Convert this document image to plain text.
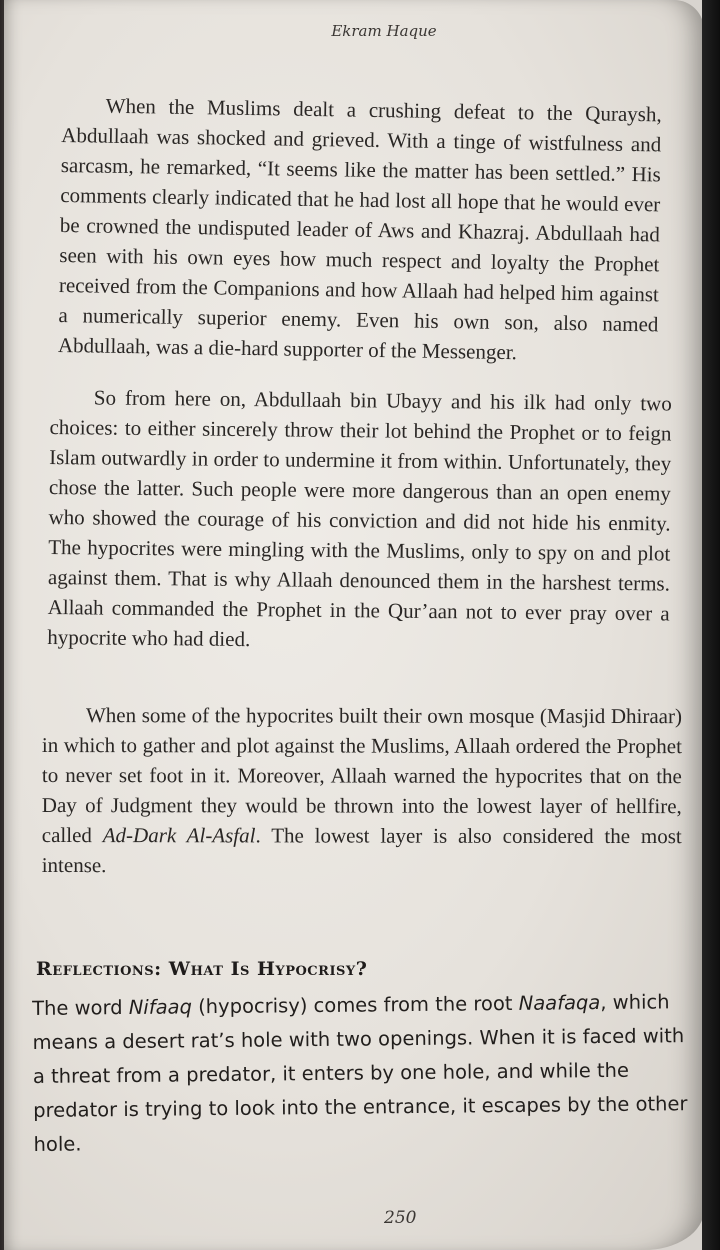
Ekram Haque

When the Muslims dealt a crushing defeat to the Quraysh, Abdullaah was shocked and grieved. With a tinge of wistfulness and sarcasm, he remarked, “It seems like the matter has been settled.” His comments clearly indicated that he had lost all hope that he would ever be crowned the undisputed leader of Aws and Khazraj. Abdullaah had seen with his own eyes how much respect and loyalty the Prophet received from the Companions and how Allaah had helped him against a numerically superior enemy. Even his own son, also named Abdullaah, was a die-hard supporter of the Messenger.

So from here on, Abdullaah bin Ubayy and his ilk had only two choices: to either sincerely throw their lot behind the Prophet or to feign Islam outwardly in order to undermine it from within. Unfortunately, they chose the latter. Such people were more dangerous than an open enemy who showed the courage of his conviction and did not hide his enmity. The hypocrites were mingling with the Muslims, only to spy on and plot against them. That is why Allaah denounced them in the harshest terms. Allaah commanded the Prophet in the Qur’aan not to ever pray over a hypocrite who had died.

When some of the hypocrites built their own mosque (Masjid Dhiraar) in which to gather and plot against the Muslims, Allaah ordered the Prophet to never set foot in it. Moreover, Allaah warned the hypocrites that on the Day of Judgment they would be thrown into the lowest layer of hellfire, called Ad-Dark Al-Asfal. The lowest layer is also considered the most intense.

Reflections: What Is Hypocrisy?

The word Nifaaq (hypocrisy) comes from the root Naafaqa, which means a desert rat’s hole with two openings. When it is faced with a threat from a predator, it enters by one hole, and while the predator is trying to look into the entrance, it escapes by the other hole.

250
